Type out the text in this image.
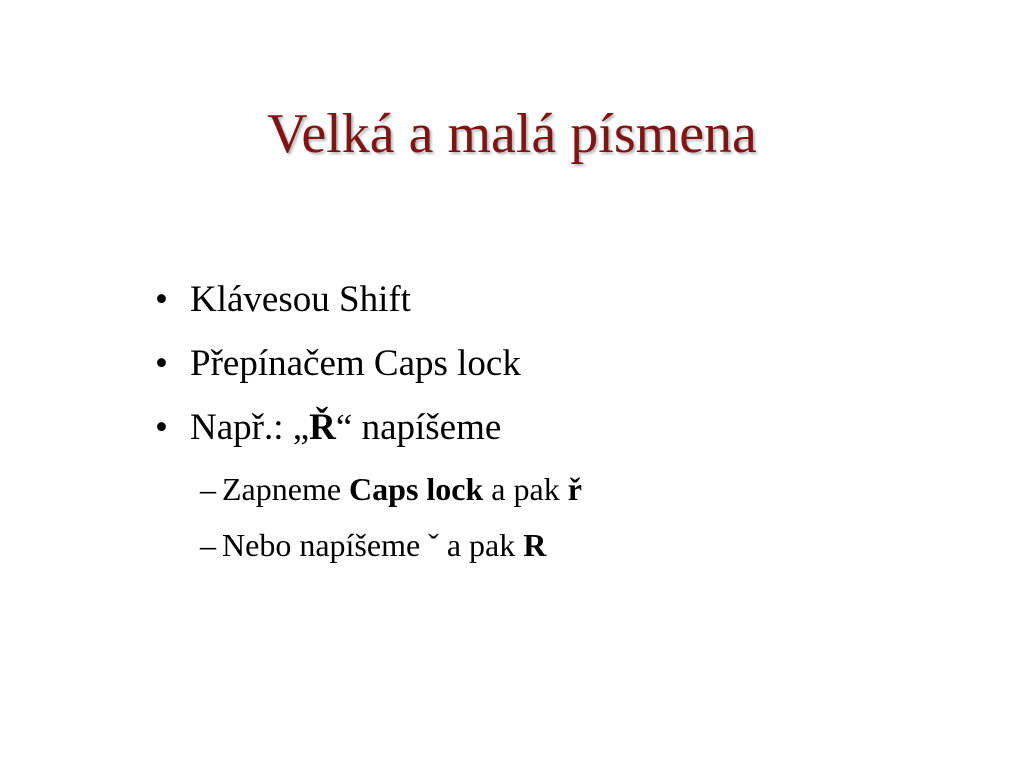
Velká a malá písmena
• Klávesou Shift
• Přepínačem Caps lock
• Např.: „Ř“ napíšeme
– Zapneme Caps lock a pak ř
– Nebo napíšeme ˇ a pak R
